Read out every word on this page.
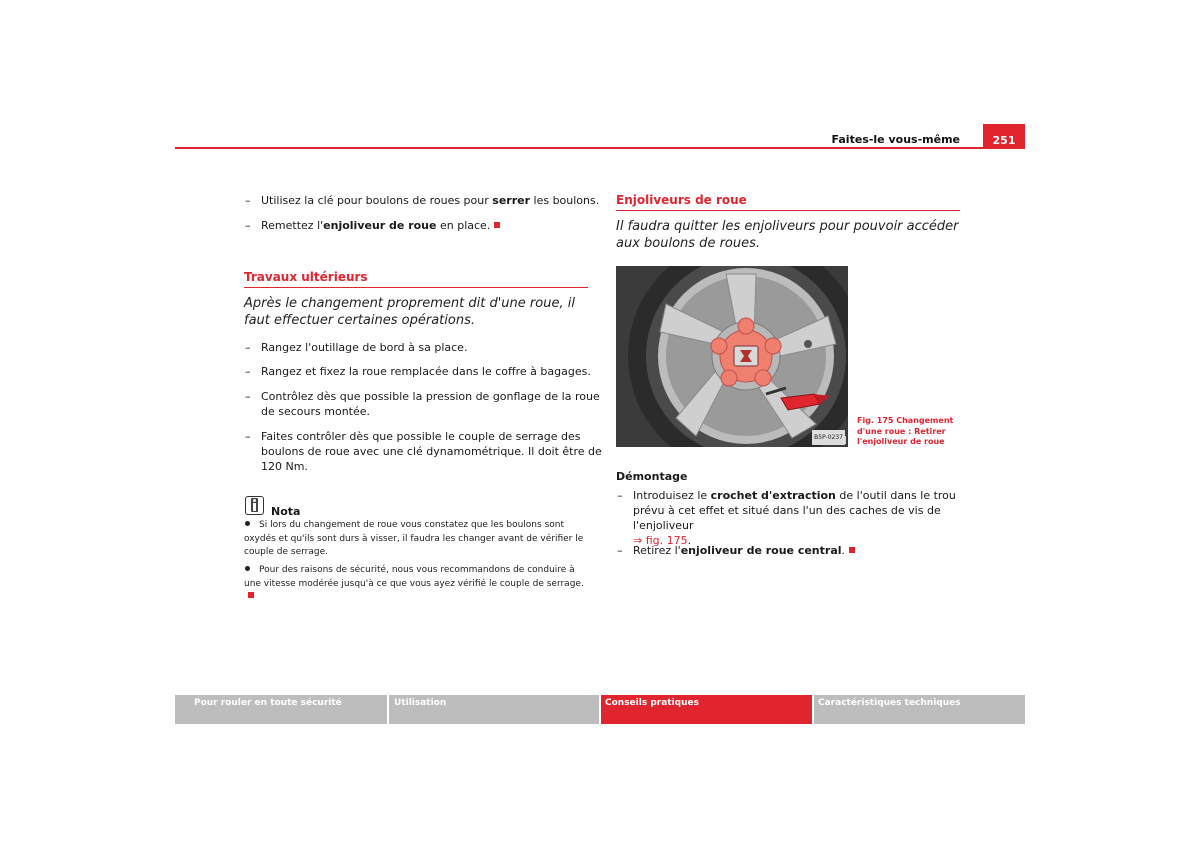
Faites-le vous-même	251
– Utilisez la clé pour boulons de roues pour serrer les boulons.
– Remettez l'enjoliveur de roue en place.
Travaux ultérieurs
Après le changement proprement dit d'une roue, il faut effectuer certaines opérations.
– Rangez l'outillage de bord à sa place.
– Rangez et fixez la roue remplacée dans le coffre à bagages.
– Contrôlez dès que possible la pression de gonflage de la roue de secours montée.
– Faites contrôler dès que possible le couple de serrage des boulons de roue avec une clé dynamométrique. Il doit être de 120 Nm.
Nota
Si lors du changement de roue vous constatez que les boulons sont oxydés et qu'ils sont durs à visser, il faudra les changer avant de vérifier le couple de serrage.
Pour des raisons de sécurité, nous vous recommandons de conduire à une vitesse modérée jusqu'à ce que vous ayez vérifié le couple de serrage.
Enjoliveurs de roue
Il faudra quitter les enjoliveurs pour pouvoir accéder aux boulons de roues.
B5P-0237
Fig. 175 Changement d'une roue : Retirer l'enjoliveur de roue
Démontage
– Introduisez le crochet d'extraction de l'outil dans le trou prévu à cet effet et situé dans l'un des caches de vis de l'enjoliveur
⇒ fig. 175.
– Retirez l'enjoliveur de roue central.
Pour rouler en toute sécurité	Utilisation	Conseils pratiques	Caractéristiques techniques
